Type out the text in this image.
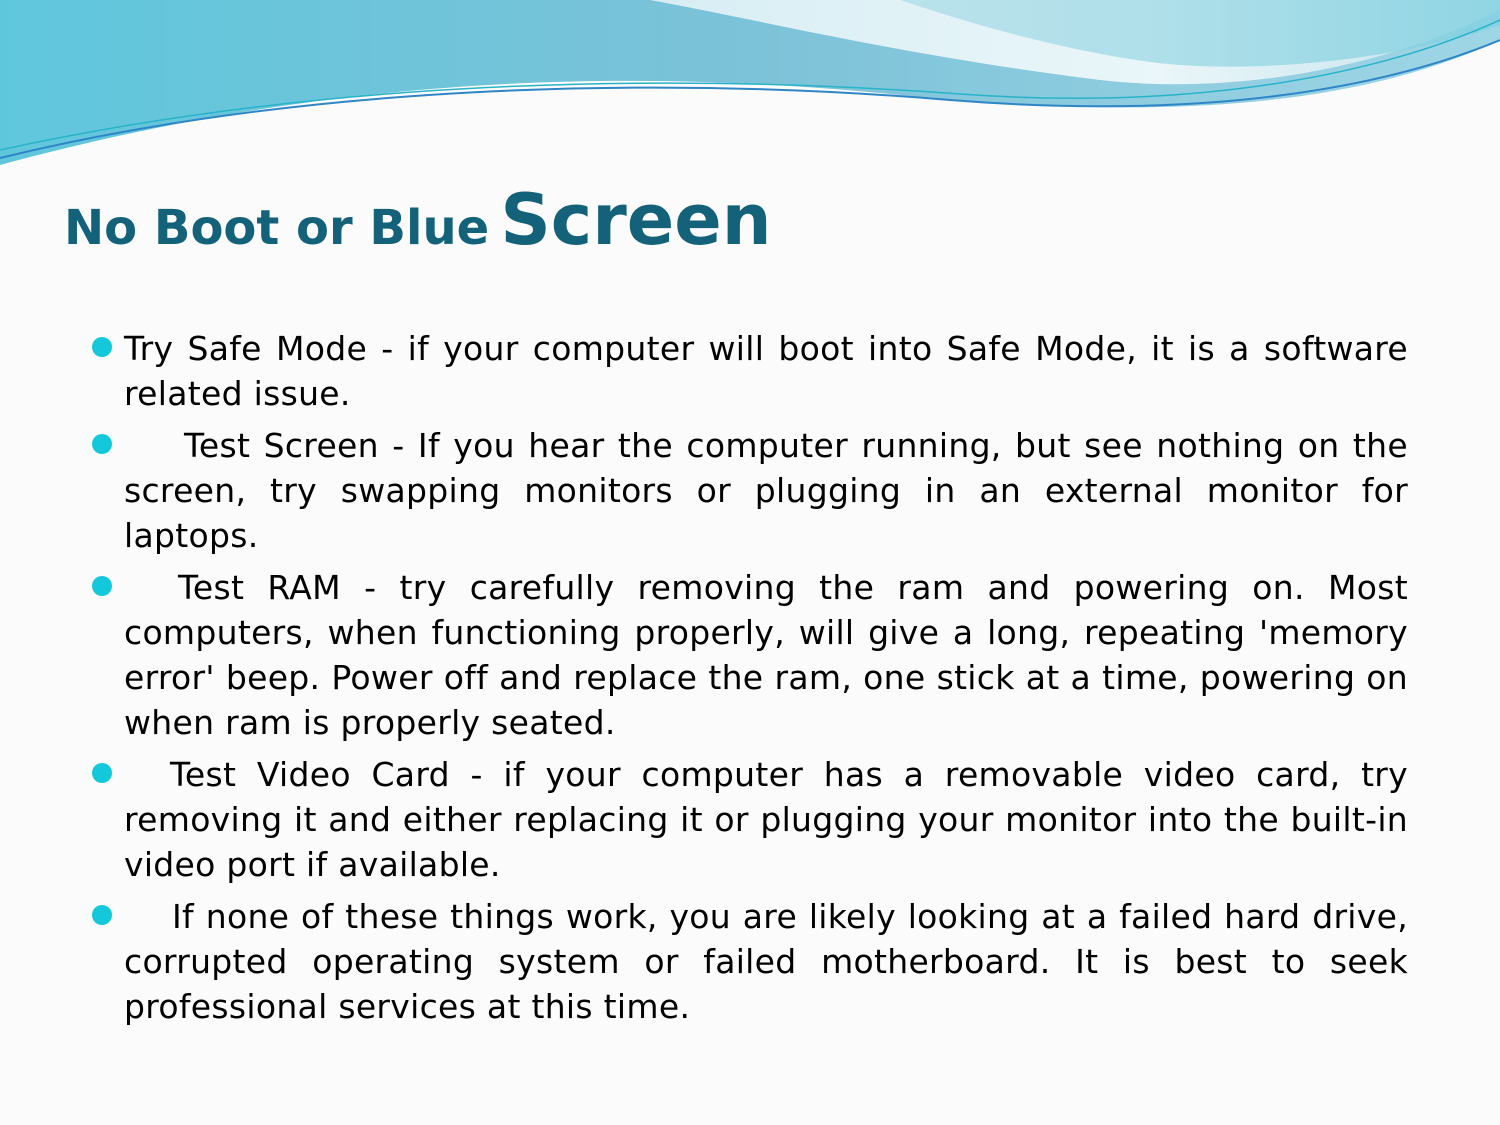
No Boot or Blue Screen
Try Safe Mode - if your computer will boot into Safe Mode, it is a software related issue.
Test Screen - If you hear the computer running, but see nothing on the screen, try swapping monitors or plugging in an external monitor for laptops.
Test RAM - try carefully removing the ram and powering on. Most computers, when functioning properly, will give a long, repeating 'memory error' beep. Power off and replace the ram, one stick at a time, powering on when ram is properly seated.
Test Video Card - if your computer has a removable video card, try removing it and either replacing it or plugging your monitor into the built-in video port if available.
If none of these things work, you are likely looking at a failed hard drive, corrupted operating system or failed motherboard. It is best to seek professional services at this time.
